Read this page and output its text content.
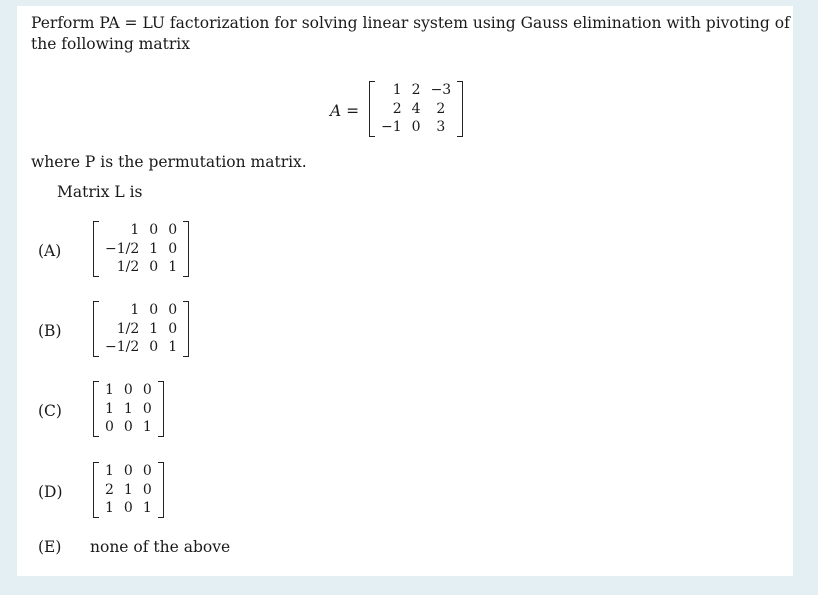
Perform PA = LU factorization for solving linear system using Gauss elimination with pivoting of
the following matrix
A =
1	2	−3
2	4	2
−1	0	3
where P is the permutation matrix.
Matrix L is
(A)
1	0	0
−1/2	1	0
1/2	0	1
(B)
1	0	0
1/2	1	0
−1/2	0	1
(C)
1	0	0
1	1	0
0	0	1
(D)
1	0	0
2	1	0
1	0	1
(E) none of the above
